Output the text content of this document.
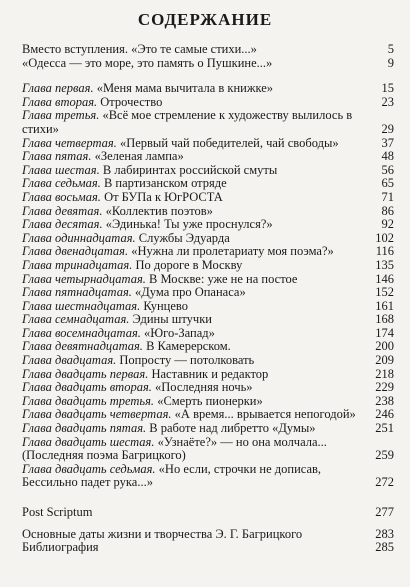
СОДЕРЖАНИЕ
Вместо вступления. «Это те самые стихи...»	5
«Одесса — это море, это память о Пушкине...»	9
Глава первая. «Меня мама вычитала в книжке»	15
Глава вторая. Отрочество	23
Глава третья. «Всё мое стремление к художеству вылилось в стихи»	29
Глава четвертая. «Первый чай победителей, чай свободы»	37
Глава пятая. «Зеленая лампа»	48
Глава шестая. В лабиринтах российской смуты	56
Глава седьмая. В партизанском отряде	65
Глава восьмая. От БУПа к ЮгРОСТА	71
Глава девятая. «Коллектив поэтов»	86
Глава десятая. «Эдинька! Ты уже проснулся?»	92
Глава одиннадцатая. Службы Эдуарда	102
Глава двенадцатая. «Нужна ли пролетариату моя поэма?»	116
Глава тринадцатая. По дороге в Москву	135
Глава четырнадцатая. В Москве: уже не на постое	146
Глава пятнадцатая. «Дума про Опанаса»	152
Глава шестнадцатая. Кунцево	161
Глава семнадцатая. Эдины штучки	168
Глава восемнадцатая. «Юго-Запад»	174
Глава девятнадцатая. В Камерерском.	200
Глава двадцатая. Попросту — потолковать	209
Глава двадцать первая. Наставник и редактор	218
Глава двадцать вторая. «Последняя ночь»	229
Глава двадцать третья. «Смерть пионерки»	238
Глава двадцать четвертая. «А время... врывается непогодой» 246
Глава двадцать пятая. В работе над либретто «Думы»	251
Глава двадцать шестая. «Узнаёте?» — но она молчала... (Последняя поэма Багрицкого)	259
Глава двадцать седьмая. «Но если, строчки не дописав, Бессильно падет рука...»	272
Post Scriptum	277
Основные даты жизни и творчества Э. Г. Багрицкого	283
Библиография	285
